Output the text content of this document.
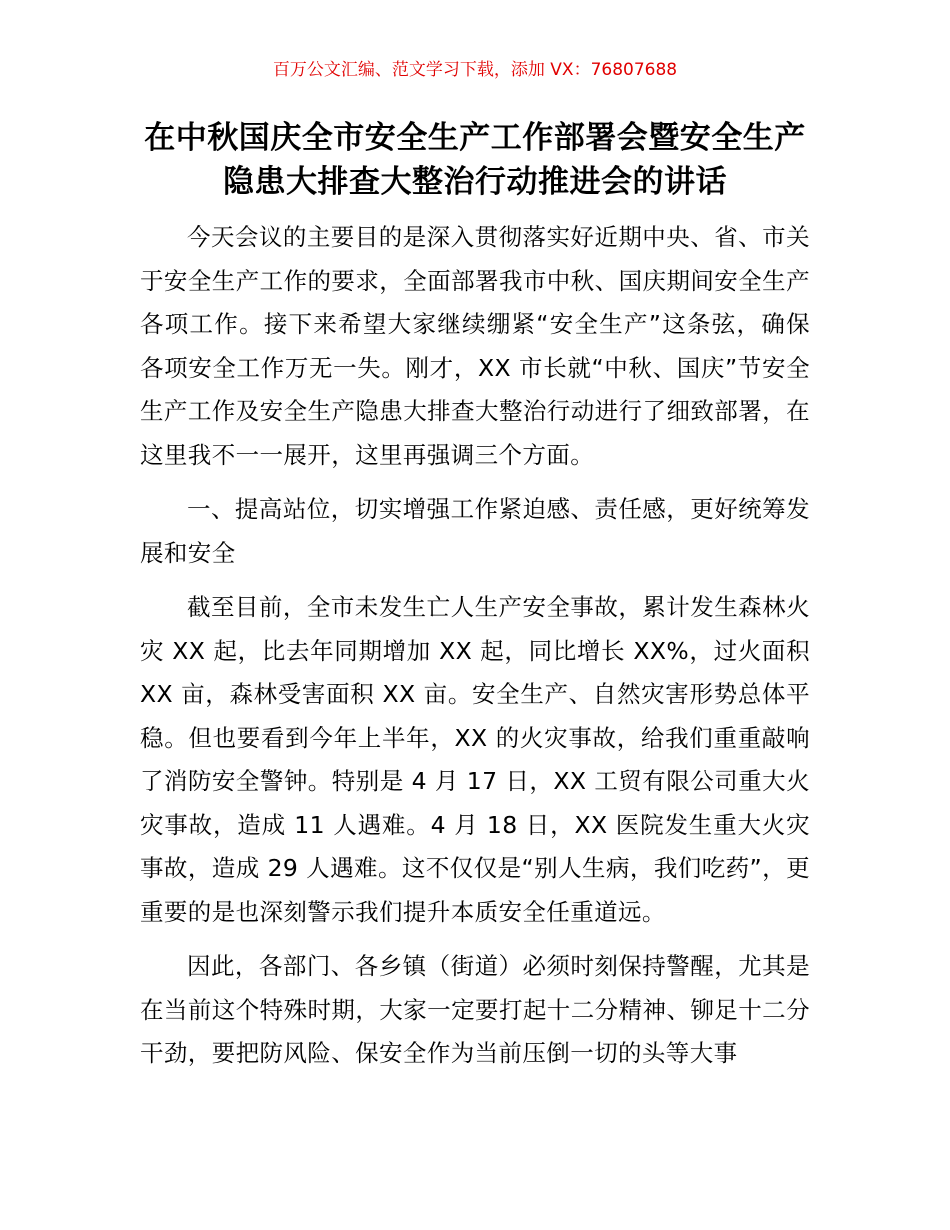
百万公文汇编、范文学习下载，添加 VX：76807688
在中秋国庆全市安全生产工作部署会暨安全生产隐患大排查大整治行动推进会的讲话

今天会议的主要目的是深入贯彻落实好近期中央、省、市关于安全生产工作的要求，全面部署我市中秋、国庆期间安全生产各项工作。接下来希望大家继续绷紧“安全生产”这条弦，确保各项安全工作万无一失。刚才，XX 市长就“中秋、国庆”节安全生产工作及安全生产隐患大排查大整治行动进行了细致部署，在这里我不一一展开，这里再强调三个方面。

一、提高站位，切实增强工作紧迫感、责任感，更好统筹发展和安全

截至目前，全市未发生亡人生产安全事故，累计发生森林火灾 XX 起，比去年同期增加 XX 起，同比增长 XX%，过火面积 XX 亩，森林受害面积 XX 亩。安全生产、自然灾害形势总体平稳。但也要看到今年上半年，XX 的火灾事故，给我们重重敲响了消防安全警钟。特别是 4 月 17 日，XX 工贸有限公司重大火灾事故，造成 11 人遇难。4 月 18 日，XX 医院发生重大火灾事故，造成 29 人遇难。这不仅仅是“别人生病，我们吃药”，更重要的是也深刻警示我们提升本质安全任重道远。

因此，各部门、各乡镇（街道）必须时刻保持警醒，尤其是在当前这个特殊时期，大家一定要打起十二分精神、铆足十二分干劲，要把防风险、保安全作为当前压倒一切的头等大事
